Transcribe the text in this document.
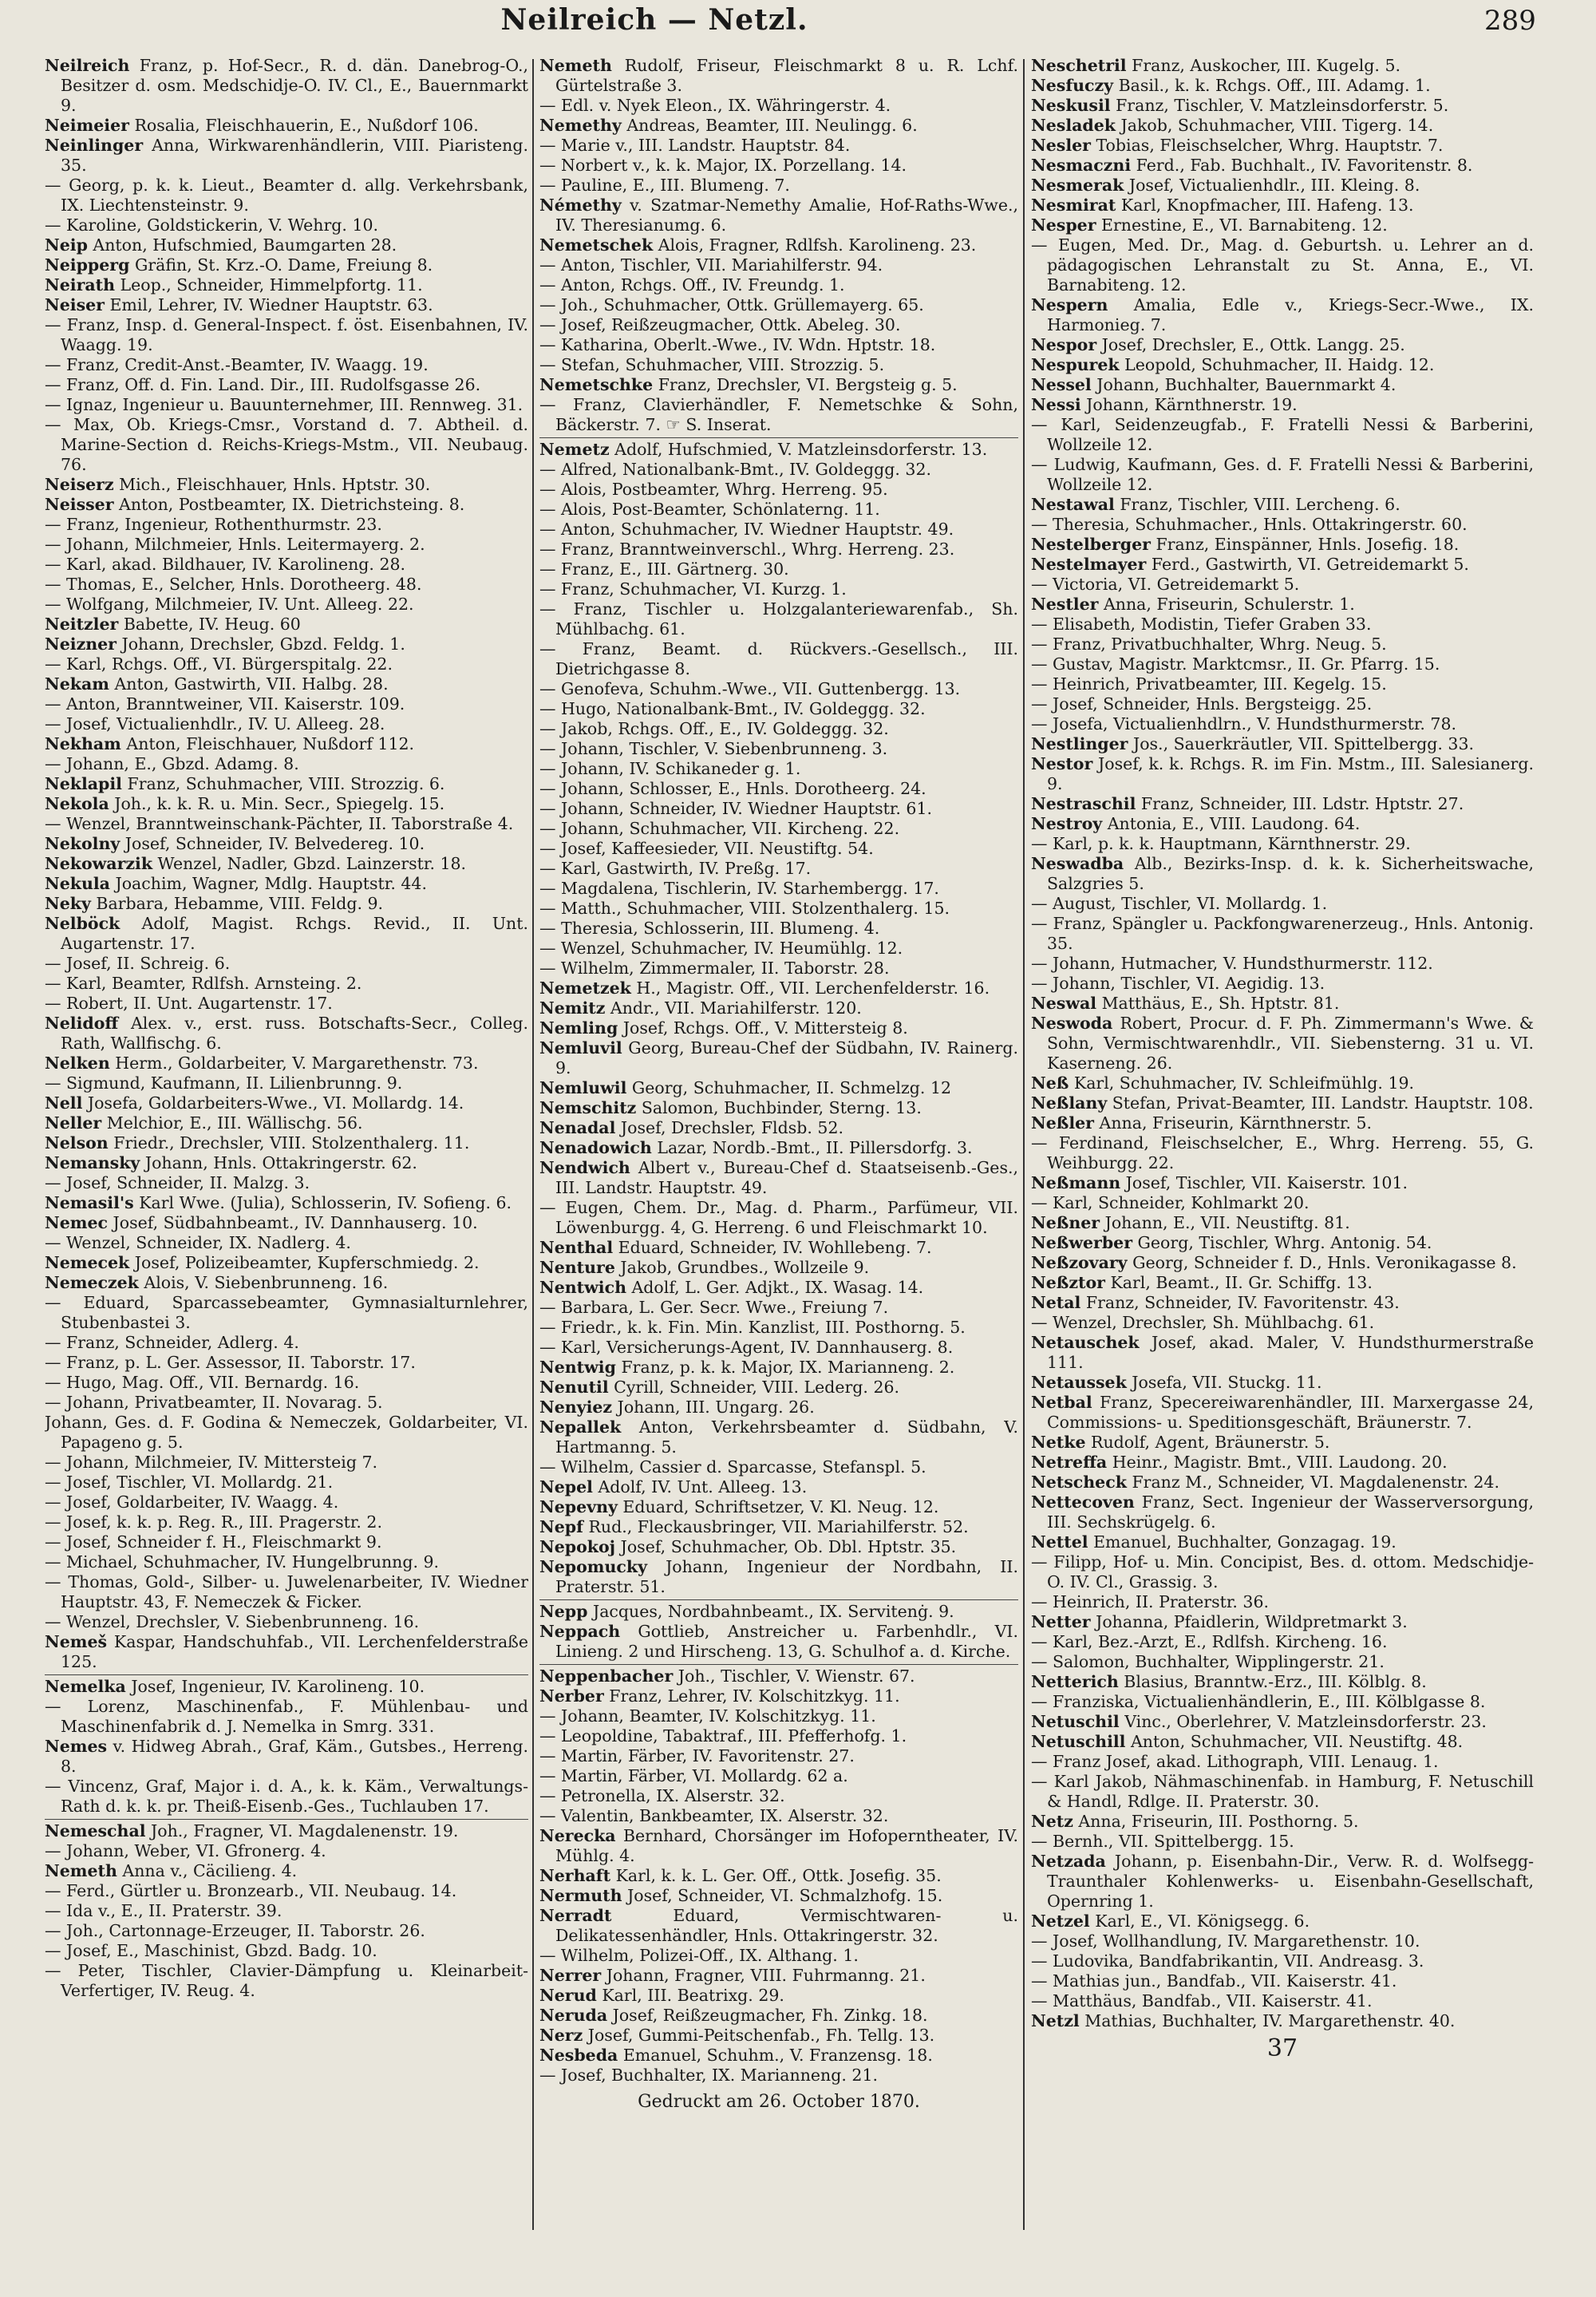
Neilreich — Netzl.	289

Neilreich Franz, p. Hof-Secr., R. d. dän. Danebrog-O., Besitzer d. osm. Medschidje-O. IV. Cl., E., Bauernmarkt 9.

Neimeier Rosalia, Fleischhauerin, E., Nußdorf 106.

Neinlinger Anna, Wirkwarenhändlerin, VIII. Piaristeng. 35.

— Georg, p. k. k. Lieut., Beamter d. allg. Verkehrsbank, IX. Liechtensteinstr. 9.

— Karoline, Goldstickerin, V. Wehrg. 10.

Neip Anton, Hufschmied, Baumgarten 28.

Neipperg Gräfin, St. Krz.-O. Dame, Freiung 8.

Neirath Leop., Schneider, Himmelpfortg. 11.

Neiser Emil, Lehrer, IV. Wiedner Hauptstr. 63.

— Franz, Insp. d. General-Inspect. f. öst. Eisenbahnen, IV. Waagg. 19.

— Franz, Credit-Anst.-Beamter, IV. Waagg. 19.

— Franz, Off. d. Fin. Land. Dir., III. Rudolfsgasse 26.

— Ignaz, Ingenieur u. Bauunternehmer, III. Rennweg. 31.

— Max, Ob. Kriegs-Cmsr., Vorstand d. 7. Abtheil. d. Marine-Section d. Reichs-Kriegs-Mstm., VII. Neubaug. 76.

Neiserz Mich., Fleischhauer, Hnls. Hptstr. 30.

Neisser Anton, Postbeamter, IX. Dietrichsteing. 8.

— Franz, Ingenieur, Rothenthurmstr. 23.

— Johann, Milchmeier, Hnls. Leitermayerg. 2.

— Karl, akad. Bildhauer, IV. Karolineng. 28.

— Thomas, E., Selcher, Hnls. Dorotheerg. 48.

— Wolfgang, Milchmeier, IV. Unt. Alleeg. 22.

Neitzler Babette, IV. Heug. 60

Neizner Johann, Drechsler, Gbzd. Feldg. 1.

— Karl, Rchgs. Off., VI. Bürgerspitalg. 22.

Nekam Anton, Gastwirth, VII. Halbg. 28.

— Anton, Branntweiner, VII. Kaiserstr. 109.

— Josef, Victualienhdlr., IV. U. Alleeg. 28.

Nekham Anton, Fleischhauer, Nußdorf 112.

— Johann, E., Gbzd. Adamg. 8.

Neklapil Franz, Schuhmacher, VIII. Strozzig. 6.

Nekola Joh., k. k. R. u. Min. Secr., Spiegelg. 15.

— Wenzel, Branntweinschank-Pächter, II. Taborstraße 4.

Nekolny Josef, Schneider, IV. Belvedereg. 10.

Nekowarzik Wenzel, Nadler, Gbzd. Lainzerstr. 18.

Nekula Joachim, Wagner, Mdlg. Hauptstr. 44.

Neky Barbara, Hebamme, VIII. Feldg. 9.

Nelböck Adolf, Magist. Rchgs. Revid., II. Unt. Augartenstr. 17.

— Josef, II. Schreig. 6.

— Karl, Beamter, Rdlfsh. Arnsteing. 2.

— Robert, II. Unt. Augartenstr. 17.

Nelidoff Alex. v., erst. russ. Botschafts-Secr., Colleg. Rath, Wallfischg. 6.

Nelken Herm., Goldarbeiter, V. Margarethenstr. 73.

— Sigmund, Kaufmann, II. Lilienbrunng. 9.

Nell Josefa, Goldarbeiters-Wwe., VI. Mollardg. 14.

Neller Melchior, E., III. Wällischg. 56.

Nelson Friedr., Drechsler, VIII. Stolzenthalerg. 11.

Nemansky Johann, Hnls. Ottakringerstr. 62.

— Josef, Schneider, II. Malzg. 3.

Nemasil's Karl Wwe. (Julia), Schlosserin, IV. Sofieng. 6.

Nemec Josef, Südbahnbeamt., IV. Dannhauserg. 10.

— Wenzel, Schneider, IX. Nadlerg. 4.

Nemecek Josef, Polizeibeamter, Kupferschmiedg. 2.

Nemeczek Alois, V. Siebenbrunneng. 16.

— Eduard, Sparcassebeamter, Gymnasialturnlehrer, Stubenbastei 3.

— Franz, Schneider, Adlerg. 4.

— Franz, p. L. Ger. Assessor, II. Taborstr. 17.

— Hugo, Mag. Off., VII. Bernardg. 16.

— Johann, Privatbeamter, II. Novarag. 5.

Johann, Ges. d. F. Godina & Nemeczek, Goldarbeiter, VI. Papageno g. 5.

— Johann, Milchmeier, IV. Mittersteig 7.

— Josef, Tischler, VI. Mollardg. 21.

— Josef, Goldarbeiter, IV. Waagg. 4.

— Josef, k. k. p. Reg. R., III. Pragerstr. 2.

— Josef, Schneider f. H., Fleischmarkt 9.

— Michael, Schuhmacher, IV. Hungelbrunng. 9.

— Thomas, Gold-, Silber- u. Juwelenarbeiter, IV. Wiedner Hauptstr. 43, F. Nemeczek & Ficker.

— Wenzel, Drechsler, V. Siebenbrunneng. 16.

Nemeš Kaspar, Handschuhfab., VII. Lerchenfelderstraße 125.

Nemelka Josef, Ingenieur, IV. Karolineng. 10.

— Lorenz, Maschinenfab., F. Mühlenbau- und Maschinenfabrik d. J. Nemelka in Smrg. 331.

Nemes v. Hidweg Abrah., Graf, Käm., Gutsbes., Herreng. 8.

— Vincenz, Graf, Major i. d. A., k. k. Käm., Verwaltungs-Rath d. k. k. pr. Theiß-Eisenb.-Ges., Tuchlauben 17.

Nemeschal Joh., Fragner, VI. Magdalenenstr. 19.

— Johann, Weber, VI. Gfronerg. 4.

Nemeth Anna v., Cäcilieng. 4.

— Ferd., Gürtler u. Bronzearb., VII. Neubaug. 14.

— Ida v., E., II. Praterstr. 39.

— Joh., Cartonnage-Erzeuger, II. Taborstr. 26.

— Josef, E., Maschinist, Gbzd. Badg. 10.

— Peter, Tischler, Clavier-Dämpfung u. Kleinarbeit-Verfertiger, IV. Reug. 4.

Nemeth Rudolf, Friseur, Fleischmarkt 8 u. R. Lchf. Gürtelstraße 3.

— Edl. v. Nyek Eleon., IX. Währingerstr. 4.

Nemethy Andreas, Beamter, III. Neulingg. 6.

— Marie v., III. Landstr. Hauptstr. 84.

— Norbert v., k. k. Major, IX. Porzellang. 14.

— Pauline, E., III. Blumeng. 7.

Némethy v. Szatmar-Nemethy Amalie, Hof-Raths-Wwe., IV. Theresianumg. 6.

Nemetschek Alois, Fragner, Rdlfsh. Karolineng. 23.

— Anton, Tischler, VII. Mariahilferstr. 94.

— Anton, Rchgs. Off., IV. Freundg. 1.

— Joh., Schuhmacher, Ottk. Grüllemayerg. 65.

— Josef, Reißzeugmacher, Ottk. Abeleg. 30.

— Katharina, Oberlt.-Wwe., IV. Wdn. Hptstr. 18.

— Stefan, Schuhmacher, VIII. Strozzig. 5.

Nemetschke Franz, Drechsler, VI. Bergsteig g. 5.

— Franz, Clavierhändler, F. Nemetschke & Sohn, Bäckerstr. 7. ☞ S. Inserat.

Nemetz Adolf, Hufschmied, V. Matzleinsdorferstr. 13.

— Alfred, Nationalbank-Bmt., IV. Goldeggg. 32.

— Alois, Postbeamter, Whrg. Herreng. 95.

— Alois, Post-Beamter, Schönlaterng. 11.

— Anton, Schuhmacher, IV. Wiedner Hauptstr. 49.

— Franz, Branntweinverschl., Whrg. Herreng. 23.

— Franz, E., III. Gärtnerg. 30.

— Franz, Schuhmacher, VI. Kurzg. 1.

— Franz, Tischler u. Holzgalanteriewarenfab., Sh. Mühlbachg. 61.

— Franz, Beamt. d. Rückvers.-Gesellsch., III. Dietrichgasse 8.

— Genofeva, Schuhm.-Wwe., VII. Guttenbergg. 13.

— Hugo, Nationalbank-Bmt., IV. Goldeggg. 32.

— Jakob, Rchgs. Off., E., IV. Goldeggg. 32.

— Johann, Tischler, V. Siebenbrunneng. 3.

— Johann, IV. Schikaneder g. 1.

— Johann, Schlosser, E., Hnls. Dorotheerg. 24.

— Johann, Schneider, IV. Wiedner Hauptstr. 61.

— Johann, Schuhmacher, VII. Kircheng. 22.

— Josef, Kaffeesieder, VII. Neustiftg. 54.

— Karl, Gastwirth, IV. Preßg. 17.

— Magdalena, Tischlerin, IV. Starhembergg. 17.

— Matth., Schuhmacher, VIII. Stolzenthalerg. 15.

— Theresia, Schlosserin, III. Blumeng. 4.

— Wenzel, Schuhmacher, IV. Heumühlg. 12.

— Wilhelm, Zimmermaler, II. Taborstr. 28.

Nemetzek H., Magistr. Off., VII. Lerchenfelderstr. 16.

Nemitz Andr., VII. Mariahilferstr. 120.

Nemling Josef, Rchgs. Off., V. Mittersteig 8.

Nemluvil Georg, Bureau-Chef der Südbahn, IV. Rainerg. 9.

Nemluwil Georg, Schuhmacher, II. Schmelzg. 12

Nemschitz Salomon, Buchbinder, Sterng. 13.

Nenadal Josef, Drechsler, Fldsb. 52.

Nenadowich Lazar, Nordb.-Bmt., II. Pillersdorfg. 3.

Nendwich Albert v., Bureau-Chef d. Staatseisenb.-Ges., III. Landstr. Hauptstr. 49.

— Eugen, Chem. Dr., Mag. d. Pharm., Parfümeur, VII. Löwenburgg. 4, G. Herreng. 6 und Fleischmarkt 10.

Nenthal Eduard, Schneider, IV. Wohllebeng. 7.

Nenture Jakob, Grundbes., Wollzeile 9.

Nentwich Adolf, L. Ger. Adjkt., IX. Wasag. 14.

— Barbara, L. Ger. Secr. Wwe., Freiung 7.

— Friedr., k. k. Fin. Min. Kanzlist, III. Posthorng. 5.

— Karl, Versicherungs-Agent, IV. Dannhauserg. 8.

Nentwig Franz, p. k. k. Major, IX. Marianneng. 2.

Nenutil Cyrill, Schneider, VIII. Lederg. 26.

Nenyiez Johann, III. Ungarg. 26.

Nepallek Anton, Verkehrsbeamter d. Südbahn, V. Hartmanng. 5.

— Wilhelm, Cassier d. Sparcasse, Stefanspl. 5.

Nepel Adolf, IV. Unt. Alleeg. 13.

Nepevny Eduard, Schriftsetzer, V. Kl. Neug. 12.

Nepf Rud., Fleckausbringer, VII. Mariahilferstr. 52.

Nepokoj Josef, Schuhmacher, Ob. Dbl. Hptstr. 35.

Nepomucky Johann, Ingenieur der Nordbahn, II. Praterstr. 51.

Nepp Jacques, Nordbahnbeamt., IX. Servitenġ. 9.

Neppach Gottlieb, Anstreicher u. Farbenhdlr., VI. Linieng. 2 und Hirscheng. 13, G. Schulhof a. d. Kirche.

Neppenbacher Joh., Tischler, V. Wienstr. 67.

Nerber Franz, Lehrer, IV. Kolschitzkyg. 11.

— Johann, Beamter, IV. Kolschitzkyg. 11.

— Leopoldine, Tabaktraf., III. Pfefferhofg. 1.

— Martin, Färber, IV. Favoritenstr. 27.

— Martin, Färber, VI. Mollardg. 62 a.

— Petronella, IX. Alserstr. 32.

— Valentin, Bankbeamter, IX. Alserstr. 32.

Nerecka Bernhard, Chorsänger im Hofoperntheater, IV. Mühlg. 4.

Nerhaft Karl, k. k. L. Ger. Off., Ottk. Josefig. 35.

Nermuth Josef, Schneider, VI. Schmalzhofg. 15.

Nerradt Eduard, Vermischtwaren- u. Delikatessenhändler, Hnls. Ottakringerstr. 32.

— Wilhelm, Polizei-Off., IX. Althang. 1.

Nerrer Johann, Fragner, VIII. Fuhrmanng. 21.

Nerud Karl, III. Beatrixg. 29.

Neruda Josef, Reißzeugmacher, Fh. Zinkg. 18.

Nerz Josef, Gummi-Peitschenfab., Fh. Tellg. 13.

Nesbeda Emanuel, Schuhm., V. Franzensg. 18.

— Josef, Buchhalter, IX. Marianneng. 21.

Gedruckt am 26. October 1870.

Neschetril Franz, Auskocher, III. Kugelg. 5.

Nesfuczy Basil., k. k. Rchgs. Off., III. Adamg. 1.

Neskusil Franz, Tischler, V. Matzleinsdorferstr. 5.

Nesladek Jakob, Schuhmacher, VIII. Tigerg. 14.

Nesler Tobias, Fleischselcher, Whrg. Hauptstr. 7.

Nesmaczni Ferd., Fab. Buchhalt., IV. Favoritenstr. 8.

Nesmerak Josef, Victualienhdlr., III. Kleing. 8.

Nesmirat Karl, Knopfmacher, III. Hafeng. 13.

Nesper Ernestine, E., VI. Barnabiteng. 12.

— Eugen, Med. Dr., Mag. d. Geburtsh. u. Lehrer an d. pädagogischen Lehranstalt zu St. Anna, E., VI. Barnabiteng. 12.

Nespern Amalia, Edle v., Kriegs-Secr.-Wwe., IX. Harmonieg. 7.

Nespor Josef, Drechsler, E., Ottk. Langg. 25.

Nespurek Leopold, Schuhmacher, II. Haidg. 12.

Nessel Johann, Buchhalter, Bauernmarkt 4.

Nessi Johann, Kärnthnerstr. 19.

— Karl, Seidenzeugfab., F. Fratelli Nessi & Barberini, Wollzeile 12.

— Ludwig, Kaufmann, Ges. d. F. Fratelli Nessi & Barberini, Wollzeile 12.

Nestawal Franz, Tischler, VIII. Lercheng. 6.

— Theresia, Schuhmacher., Hnls. Ottakringerstr. 60.

Nestelberger Franz, Einspänner, Hnls. Josefig. 18.

Nestelmayer Ferd., Gastwirth, VI. Getreidemarkt 5.

— Victoria, VI. Getreidemarkt 5.

Nestler Anna, Friseurin, Schulerstr. 1.

— Elisabeth, Modistin, Tiefer Graben 33.

— Franz, Privatbuchhalter, Whrg. Neug. 5.

— Gustav, Magistr. Marktcmsr., II. Gr. Pfarrg. 15.

— Heinrich, Privatbeamter, III. Kegelg. 15.

— Josef, Schneider, Hnls. Bergsteigg. 25.

— Josefa, Victualienhdlrn., V. Hundsthurmerstr. 78.

Nestlinger Jos., Sauerkräutler, VII. Spittelbergg. 33.

Nestor Josef, k. k. Rchgs. R. im Fin. Mstm., III. Salesianerg. 9.

Nestraschil Franz, Schneider, III. Ldstr. Hptstr. 27.

Nestroy Antonia, E., VIII. Laudong. 64.

— Karl, p. k. k. Hauptmann, Kärnthnerstr. 29.

Neswadba Alb., Bezirks-Insp. d. k. k. Sicherheitswache, Salzgries 5.

— August, Tischler, VI. Mollardg. 1.

— Franz, Spängler u. Packfongwarenerzeug., Hnls. Antonig. 35.

— Johann, Hutmacher, V. Hundsthurmerstr. 112.

— Johann, Tischler, VI. Aegidig. 13.

Neswal Matthäus, E., Sh. Hptstr. 81.

Neswoda Robert, Procur. d. F. Ph. Zimmermann's Wwe. & Sohn, Vermischtwarenhdlr., VII. Siebensterng. 31 u. VI. Kaserneng. 26.

Neß Karl, Schuhmacher, IV. Schleifmühlg. 19.

Neßlany Stefan, Privat-Beamter, III. Landstr. Hauptstr. 108.

Neßler Anna, Friseurin, Kärnthnerstr. 5.

— Ferdinand, Fleischselcher, E., Whrg. Herreng. 55, G. Weihburgg. 22.

Neßmann Josef, Tischler, VII. Kaiserstr. 101.

— Karl, Schneider, Kohlmarkt 20.

Neßner Johann, E., VII. Neustiftg. 81.

Neßwerber Georg, Tischler, Whrg. Antonig. 54.

Neßzovary Georg, Schneider f. D., Hnls. Veronikagasse 8.

Neßztor Karl, Beamt., II. Gr. Schiffg. 13.

Netal Franz, Schneider, IV. Favoritenstr. 43.

— Wenzel, Drechsler, Sh. Mühlbachg. 61.

Netauschek Josef, akad. Maler, V. Hundsthurmerstraße 111.

Netaussek Josefa, VII. Stuckg. 11.

Netbal Franz, Specereiwarenhändler, III. Marxergasse 24, Commissions- u. Speditionsgeschäft, Bräunerstr. 7.

Netke Rudolf, Agent, Bräunerstr. 5.

Netreffa Heinr., Magistr. Bmt., VIII. Laudong. 20.

Netscheck Franz M., Schneider, VI. Magdalenenstr. 24.

Nettecoven Franz, Sect. Ingenieur der Wasserversorgung, III. Sechskrügelg. 6.

Nettel Emanuel, Buchhalter, Gonzagag. 19.

— Filipp, Hof- u. Min. Concipist, Bes. d. ottom. Medschidje-O. IV. Cl., Grassig. 3.

— Heinrich, II. Praterstr. 36.

Netter Johanna, Pfaidlerin, Wildpretmarkt 3.

— Karl, Bez.-Arzt, E., Rdlfsh. Kircheng. 16.

— Salomon, Buchhalter, Wipplingerstr. 21.

Netterich Blasius, Branntw.-Erz., III. Kölblg. 8.

— Franziska, Victualienhändlerin, E., III. Kölblgasse 8.

Netuschil Vinc., Oberlehrer, V. Matzleinsdorferstr. 23.

Netuschill Anton, Schuhmacher, VII. Neustiftg. 48.

— Franz Josef, akad. Lithograph, VIII. Lenaug. 1.

— Karl Jakob, Nähmaschinenfab. in Hamburg, F. Netuschill & Handl, Rdlge. II. Praterstr. 30.

Netz Anna, Friseurin, III. Posthorng. 5.

— Bernh., VII. Spittelbergg. 15.

Netzada Johann, p. Eisenbahn-Dir., Verw. R. d. Wolfsegg-Traunthaler Kohlenwerks- u. Eisenbahn-Gesellschaft, Opernring 1.

Netzel Karl, E., VI. Königsegg. 6.

— Josef, Wollhandlung, IV. Margarethenstr. 10.

— Ludovika, Bandfabrikantin, VII. Andreasg. 3.

— Mathias jun., Bandfab., VII. Kaiserstr. 41.

— Matthäus, Bandfab., VII. Kaiserstr. 41.

Netzl Mathias, Buchhalter, IV. Margarethenstr. 40.

37
